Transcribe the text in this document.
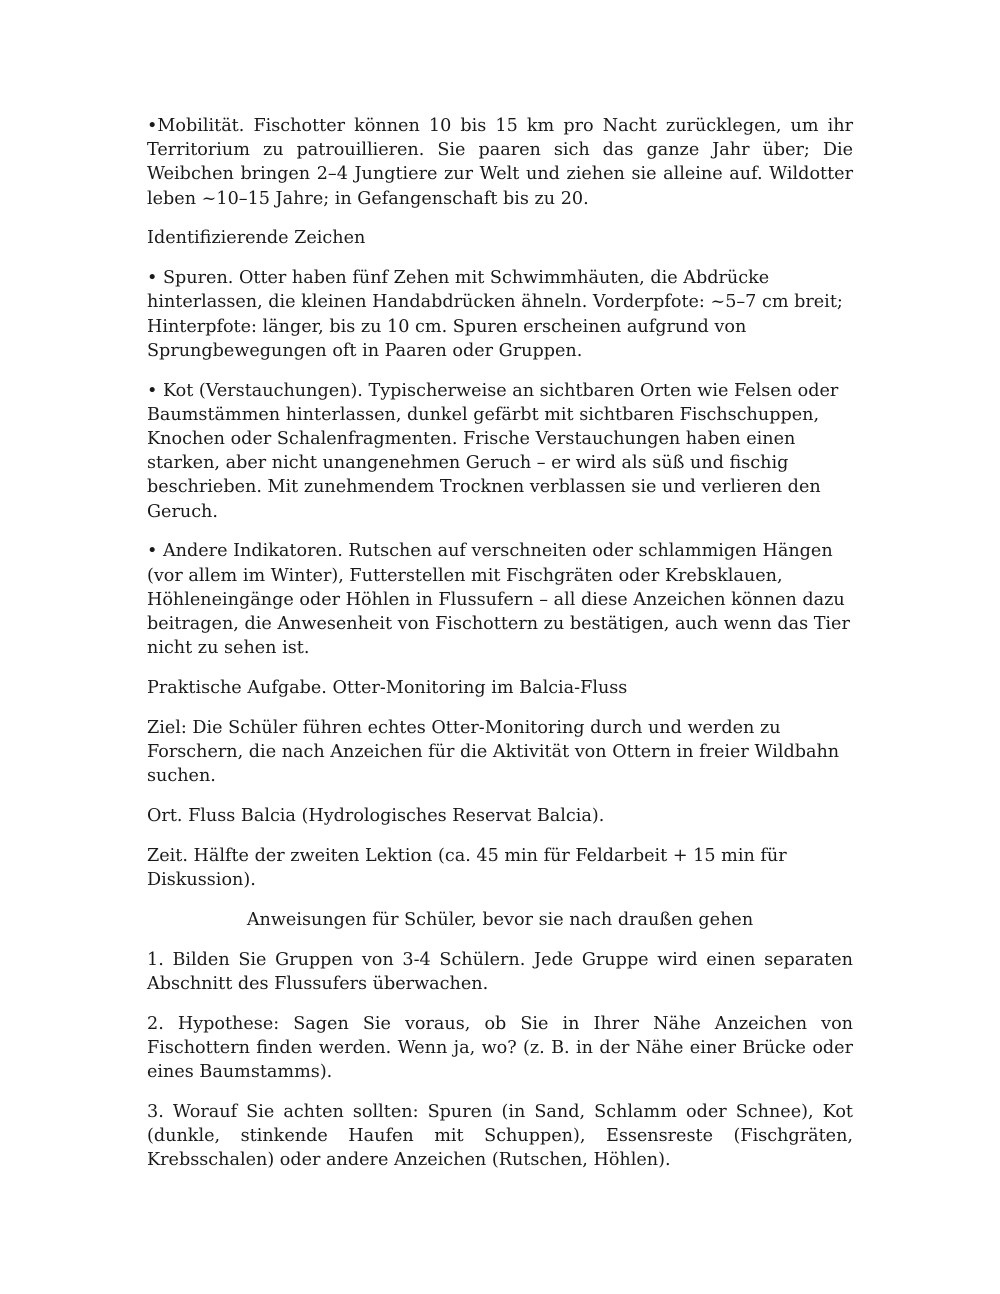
•Mobilität. Fischotter können 10 bis 15 km pro Nacht zurücklegen, um ihr Territorium zu patrouillieren. Sie paaren sich das ganze Jahr über; Die Weibchen bringen 2–4 Jungtiere zur Welt und ziehen sie alleine auf. Wildotter leben ~10–15 Jahre; in Gefangenschaft bis zu 20.

Identifizierende Zeichen

• Spuren. Otter haben fünf Zehen mit Schwimmhäuten, die Abdrücke hinterlassen, die kleinen Handabdrücken ähneln. Vorderpfote: ~5–7 cm breit; Hinterpfote: länger, bis zu 10 cm. Spuren erscheinen aufgrund von Sprungbewegungen oft in Paaren oder Gruppen.

• Kot (Verstauchungen). Typischerweise an sichtbaren Orten wie Felsen oder Baumstämmen hinterlassen, dunkel gefärbt mit sichtbaren Fischschuppen, Knochen oder Schalenfragmenten. Frische Verstauchungen haben einen starken, aber nicht unangenehmen Geruch – er wird als süß und fischig beschrieben. Mit zunehmendem Trocknen verblassen sie und verlieren den Geruch.

• Andere Indikatoren. Rutschen auf verschneiten oder schlammigen Hängen (vor allem im Winter), Futterstellen mit Fischgräten oder Krebsklauen, Höhleneingänge oder Höhlen in Flussufern – all diese Anzeichen können dazu beitragen, die Anwesenheit von Fischottern zu bestätigen, auch wenn das Tier nicht zu sehen ist.

Praktische Aufgabe. Otter-Monitoring im Balcia-Fluss

Ziel: Die Schüler führen echtes Otter-Monitoring durch und werden zu Forschern, die nach Anzeichen für die Aktivität von Ottern in freier Wildbahn suchen.

Ort. Fluss Balcia (Hydrologisches Reservat Balcia).

Zeit. Hälfte der zweiten Lektion (ca. 45 min für Feldarbeit + 15 min für Diskussion).

Anweisungen für Schüler, bevor sie nach draußen gehen

1. Bilden Sie Gruppen von 3-4 Schülern. Jede Gruppe wird einen separaten Abschnitt des Flussufers überwachen.

2. Hypothese: Sagen Sie voraus, ob Sie in Ihrer Nähe Anzeichen von Fischottern finden werden. Wenn ja, wo? (z. B. in der Nähe einer Brücke oder eines Baumstamms).

3. Worauf Sie achten sollten: Spuren (in Sand, Schlamm oder Schnee), Kot (dunkle, stinkende Haufen mit Schuppen), Essensreste (Fischgräten, Krebsschalen) oder andere Anzeichen (Rutschen, Höhlen).
